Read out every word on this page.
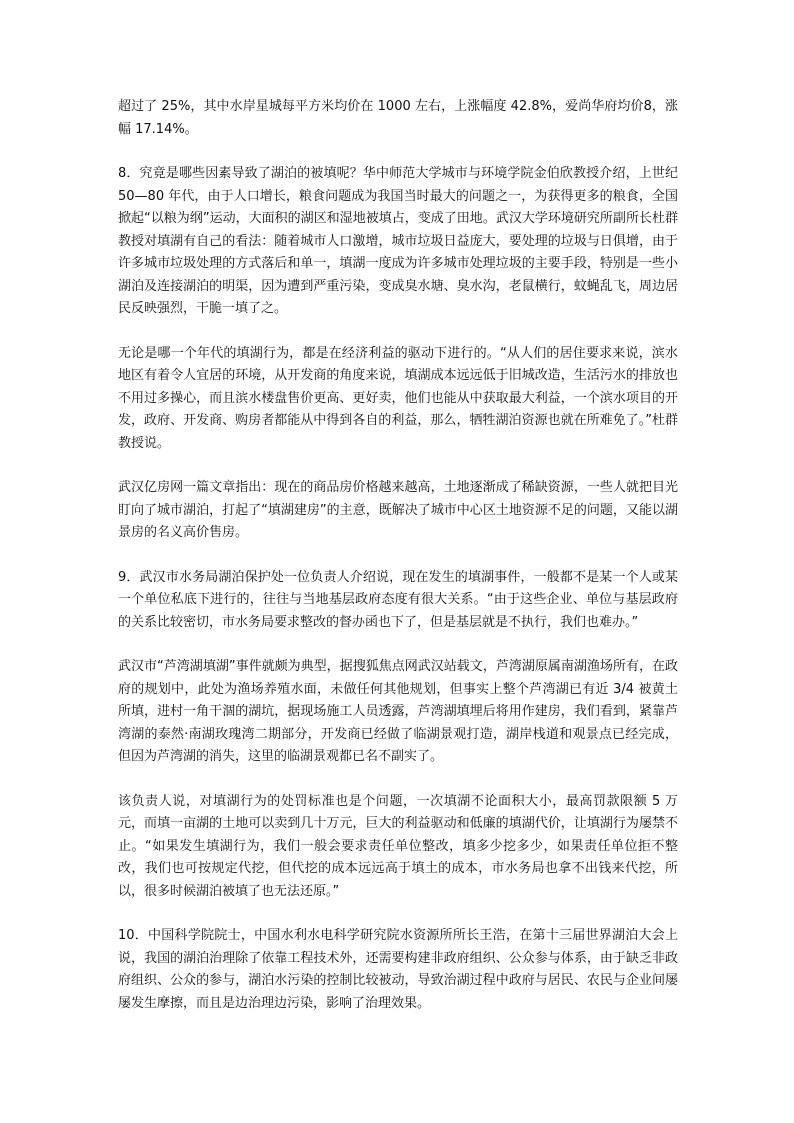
超过了 25%，其中水岸星城每平方米均价在 1000 左右，上涨幅度 42.8%，爱尚华府均价8，涨幅 17.14%。

8．究竟是哪些因素导致了湖泊的被填呢？华中师范大学城市与环境学院金伯欣教授介绍，上世纪 50—80 年代，由于人口增长，粮食问题成为我国当时最大的问题之一，为获得更多的粮食，全国掀起“以粮为纲”运动，大面积的湖区和湿地被填占，变成了田地。武汉大学环境研究所副所长杜群教授对填湖有自己的看法：随着城市人口激增，城市垃圾日益庞大，要处理的垃圾与日俱增，由于许多城市垃圾处理的方式落后和单一，填湖一度成为许多城市处理垃圾的主要手段，特别是一些小湖泊及连接湖泊的明渠，因为遭到严重污染，变成臭水塘、臭水沟，老鼠横行，蚊蝇乱飞，周边居民反映强烈，干脆一填了之。

无论是哪一个年代的填湖行为，都是在经济利益的驱动下进行的。“从人们的居住要求来说，滨水地区有着令人宜居的环境，从开发商的角度来说，填湖成本远远低于旧城改造，生活污水的排放也不用过多操心，而且滨水楼盘售价更高、更好卖，他们也能从中获取最大利益，一个滨水项目的开发，政府、开发商、购房者都能从中得到各自的利益，那么，牺牲湖泊资源也就在所难免了。”杜群教授说。

武汉亿房网一篇文章指出：现在的商品房价格越来越高，土地逐渐成了稀缺资源，一些人就把目光盯向了城市湖泊，打起了“填湖建房”的主意，既解决了城市中心区土地资源不足的问题，又能以湖景房的名义高价售房。

9．武汉市水务局湖泊保护处一位负责人介绍说，现在发生的填湖事件，一般都不是某一个人或某一个单位私底下进行的，往往与当地基层政府态度有很大关系。“由于这些企业、单位与基层政府的关系比较密切，市水务局要求整改的督办函也下了，但是基层就是不执行，我们也难办。”

武汉市“芦湾湖填湖”事件就颇为典型，据搜狐焦点网武汉站载文，芦湾湖原属南湖渔场所有，在政府的规划中，此处为渔场养殖水面，未做任何其他规划，但事实上整个芦湾湖已有近 3/4 被黄土所填，进村一角干涸的湖坑，据现场施工人员透露，芦湾湖填埋后将用作建房，我们看到，紧靠芦湾湖的泰然·南湖玫瑰湾二期部分，开发商已经做了临湖景观打造，湖岸栈道和观景点已经完成，但因为芦湾湖的消失，这里的临湖景观都已名不副实了。

该负责人说，对填湖行为的处罚标准也是个问题，一次填湖不论面积大小，最高罚款限额 5 万元，而填一亩湖的土地可以卖到几十万元，巨大的利益驱动和低廉的填湖代价，让填湖行为屡禁不止。“如果发生填湖行为，我们一般会要求责任单位整改，填多少挖多少，如果责任单位拒不整改，我们也可按规定代挖，但代挖的成本远远高于填土的成本，市水务局也拿不出钱来代挖，所以，很多时候湖泊被填了也无法还原。”

10．中国科学院院士，中国水利水电科学研究院水资源所所长王浩，在第十三届世界湖泊大会上说，我国的湖泊治理除了依靠工程技术外，还需要构建非政府组织、公众参与体系，由于缺乏非政府组织、公众的参与，湖泊水污染的控制比较被动，导致治湖过程中政府与居民、农民与企业间屡屡发生摩擦，而且是边治理边污染，影响了治理效果。
